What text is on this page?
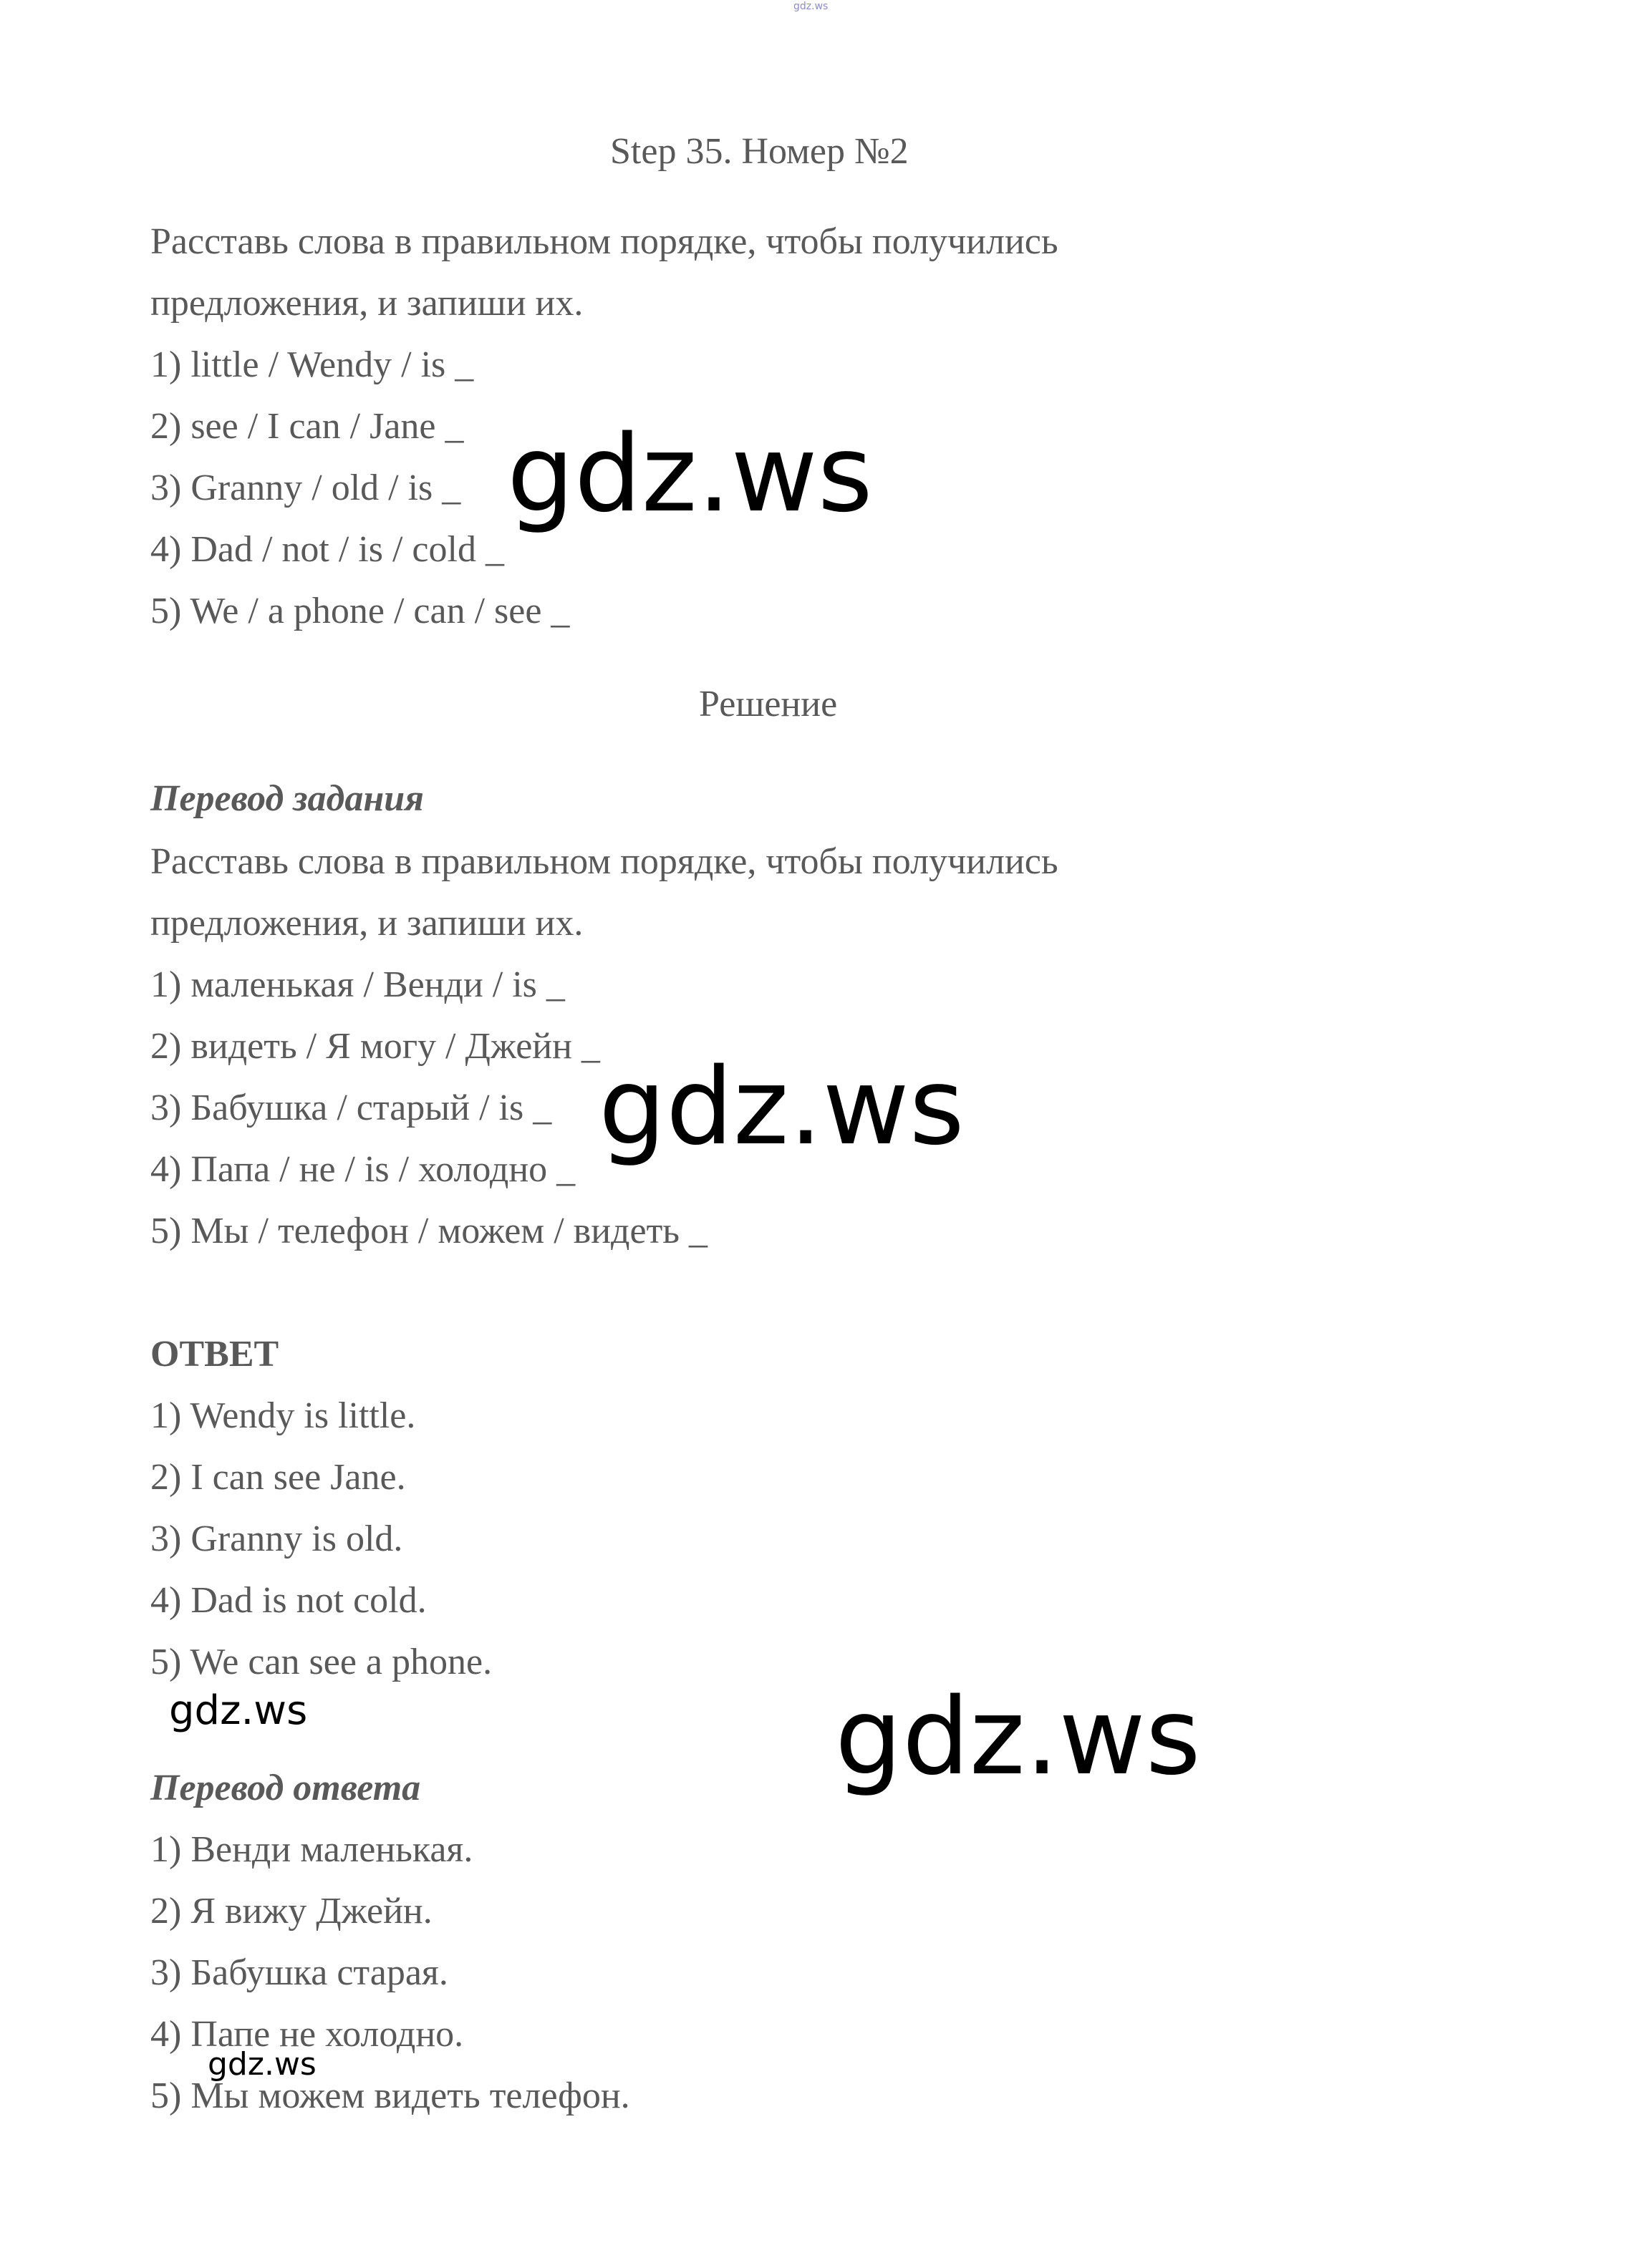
gdz.ws
Step 35. Номер №2
Расставь слова в правильном порядке, чтобы получились
предложения, и запиши их.
1) little / Wendy / is _
2) see / I can / Jane _
3) Granny / old / is _
4) Dad / not / is / cold _
5) We / a phone / can / see _
Решение
Перевод задания
Расставь слова в правильном порядке, чтобы получились
предложения, и запиши их.
1) маленькая / Венди / is _
2) видеть / Я могу / Джейн _
3) Бабушка / старый / is _
4) Папа / не / is / холодно _
5) Мы / телефон / можем / видеть _
ОТВЕТ
1) Wendy is little.
2) I can see Jane.
3) Granny is old.
4) Dad is not cold.
5) We can see a phone.
Перевод ответа
1) Венди маленькая.
2) Я вижу Джейн.
3) Бабушка старая.
4) Папе не холодно.
5) Мы можем видеть телефон.
gdz.ws
gdz.ws
gdz.ws
gdz.ws
gdz.ws
